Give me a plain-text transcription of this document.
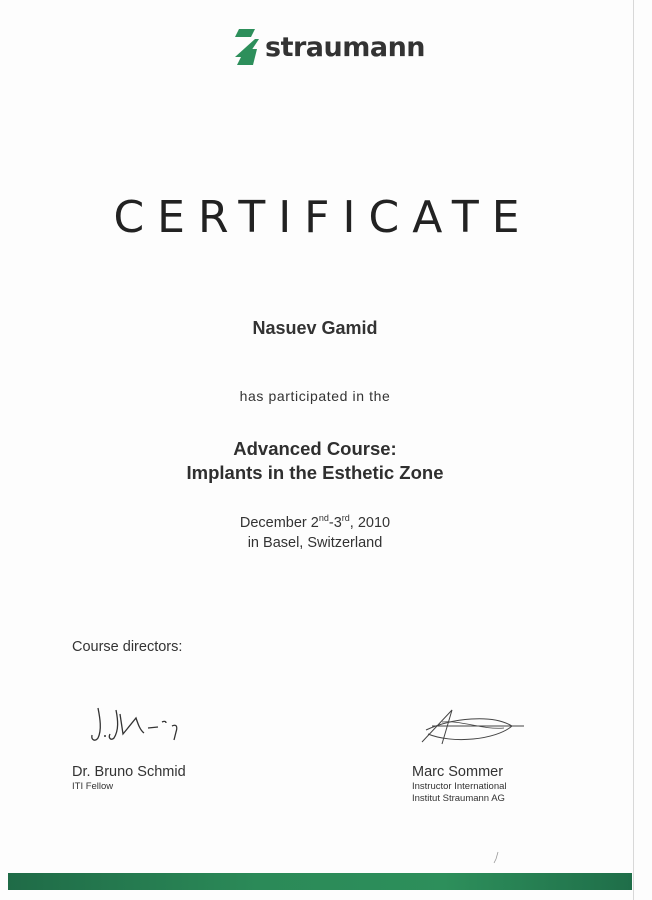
straumann
CERTIFICATE
Nasuev Gamid
has participated in the
Advanced Course:
Implants in the Esthetic Zone
December 2nd-3rd, 2010
in Basel, Switzerland
Course directors:
Dr. Bruno Schmid
ITI Fellow
Marc Sommer
Instructor International
Institut Straumann AG
